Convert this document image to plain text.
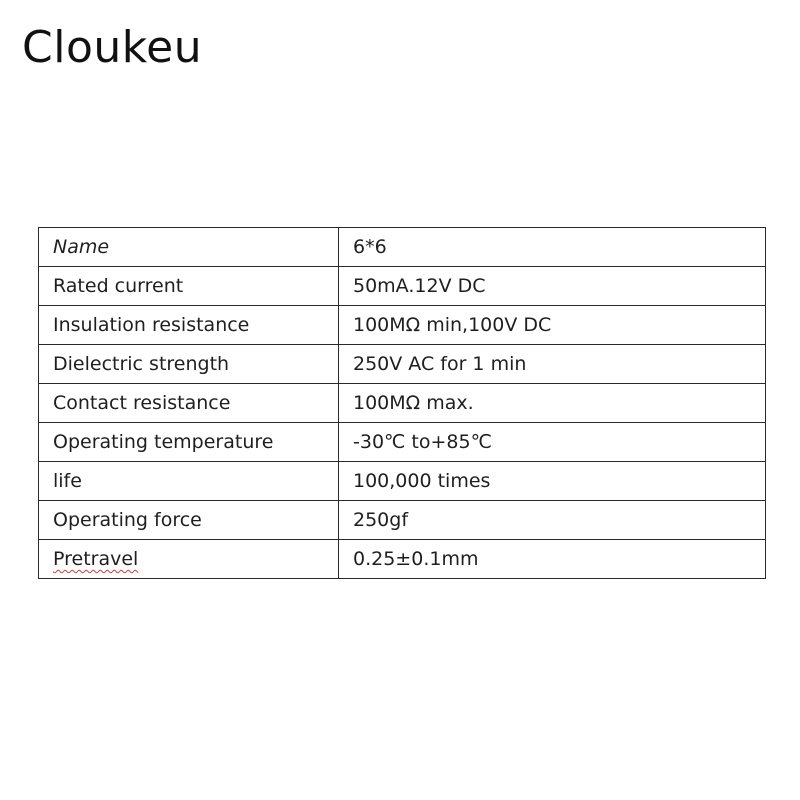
Cloukeu
Name	6*6
Rated current	50mA.12V DC
Insulation resistance	100MΩ min,100V DC
Dielectric strength	250V AC for 1 min
Contact resistance	100MΩ max.
Operating temperature	-30℃ to+85℃
life	100,000 times
Operating force	250gf
Pretravel	0.25±0.1mm
